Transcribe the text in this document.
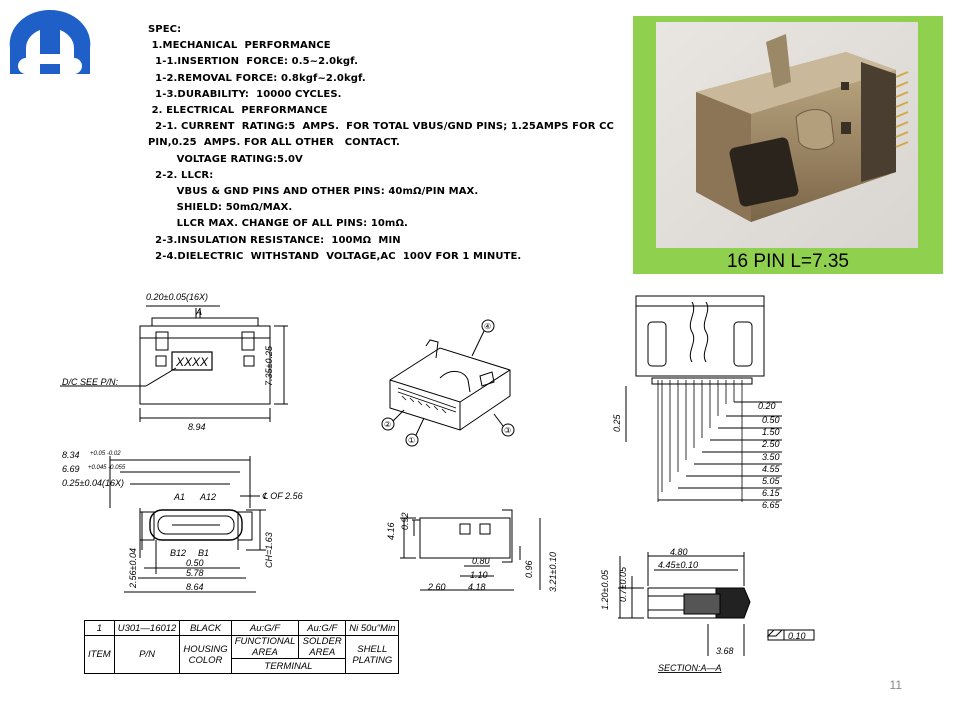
SPEC:
1.MECHANICAL  PERFORMANCE
1-1.INSERTION  FORCE: 0.5~2.0kgf.
1-2.REMOVAL FORCE: 0.8kgf~2.0kgf.
1-3.DURABILITY:  10000 CYCLES.
2. ELECTRICAL  PERFORMANCE
2-1. CURRENT  RATING:5  AMPS.  FOR TOTAL VBUS/GND PINS; 1.25AMPS FOR CC
PIN,0.25  AMPS. FOR ALL OTHER   CONTACT.
VOLTAGE RATING:5.0V
2-2. LLCR:
VBUS & GND PINS AND OTHER PINS: 40mΩ/PIN MAX.
SHIELD: 50mΩ/MAX.
LLCR MAX. CHANGE OF ALL PINS: 10mΩ.
2-3.INSULATION RESISTANCE:  100MΩ  MIN
2-4.DIELECTRIC  WITHSTAND  VOLTAGE,AC  100V FOR 1 MINUTE.	16 PIN L=7.35
0.20±0.05(16X)
A
XXXX
D/C SEE P/N:
8.94
7.35±0.25
8.34 +0.05 -0.02
6.69 +0.045 -0.055
0.25±0.04(16X)
A1 A12
B12 B1
℄ OF 2.56
0.50
5.78
8.64
2.56±0.04	CH=1.63
④
②
①
③
4.16
0.92
0.80
1.10
2.60 4.18
0.96 3.21±0.10
0.25
0.20
0.50
1.50
2.50
3.50
4.55
5.05
6.15
6.65
1.20±0.05 0.7±0.05
4.80
4.45±0.10
3.68
0.10
SECTION:A—A
1	U301—16012	BLACK	Au:G/F	Au:G/F	Ni 50u"Min
ITEM	P/N	HOUSING COLOR	FUNCTIONAL AREA	SOLDER AREA	SHELL PLATING
			TERMINAL		
11
